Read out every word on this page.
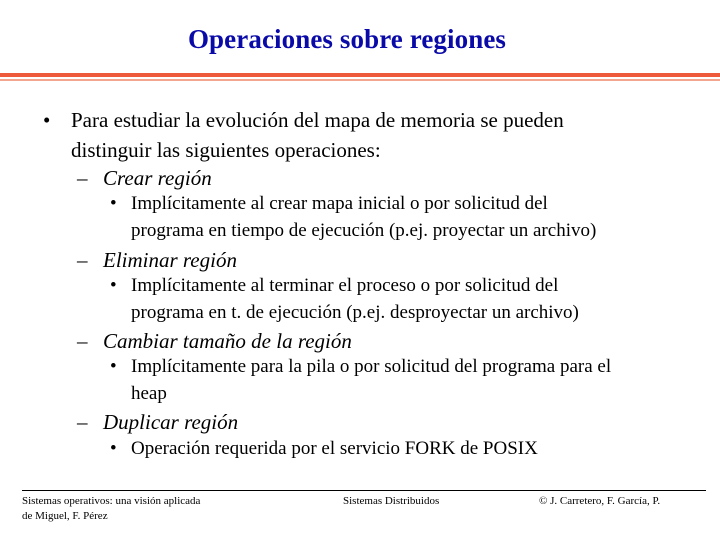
Operaciones sobre regiones
• Para estudiar la evolución del mapa de memoria se pueden
distinguir las siguientes operaciones:
– Crear región
• Implícitamente al crear mapa inicial o por solicitud del
programa en tiempo de ejecución (p.ej. proyectar un archivo)
– Eliminar región
• Implícitamente al terminar el proceso o por solicitud del
programa en t. de ejecución (p.ej. desproyectar un archivo)
– Cambiar tamaño de la región
• Implícitamente para la pila o por solicitud del programa para el
heap
– Duplicar región
• Operación requerida por el servicio FORK de POSIX
Sistemas operativos: una visión aplicada
de Miguel, F. Pérez
Sistemas Distribuidos	© J. Carretero, F. García, P.
